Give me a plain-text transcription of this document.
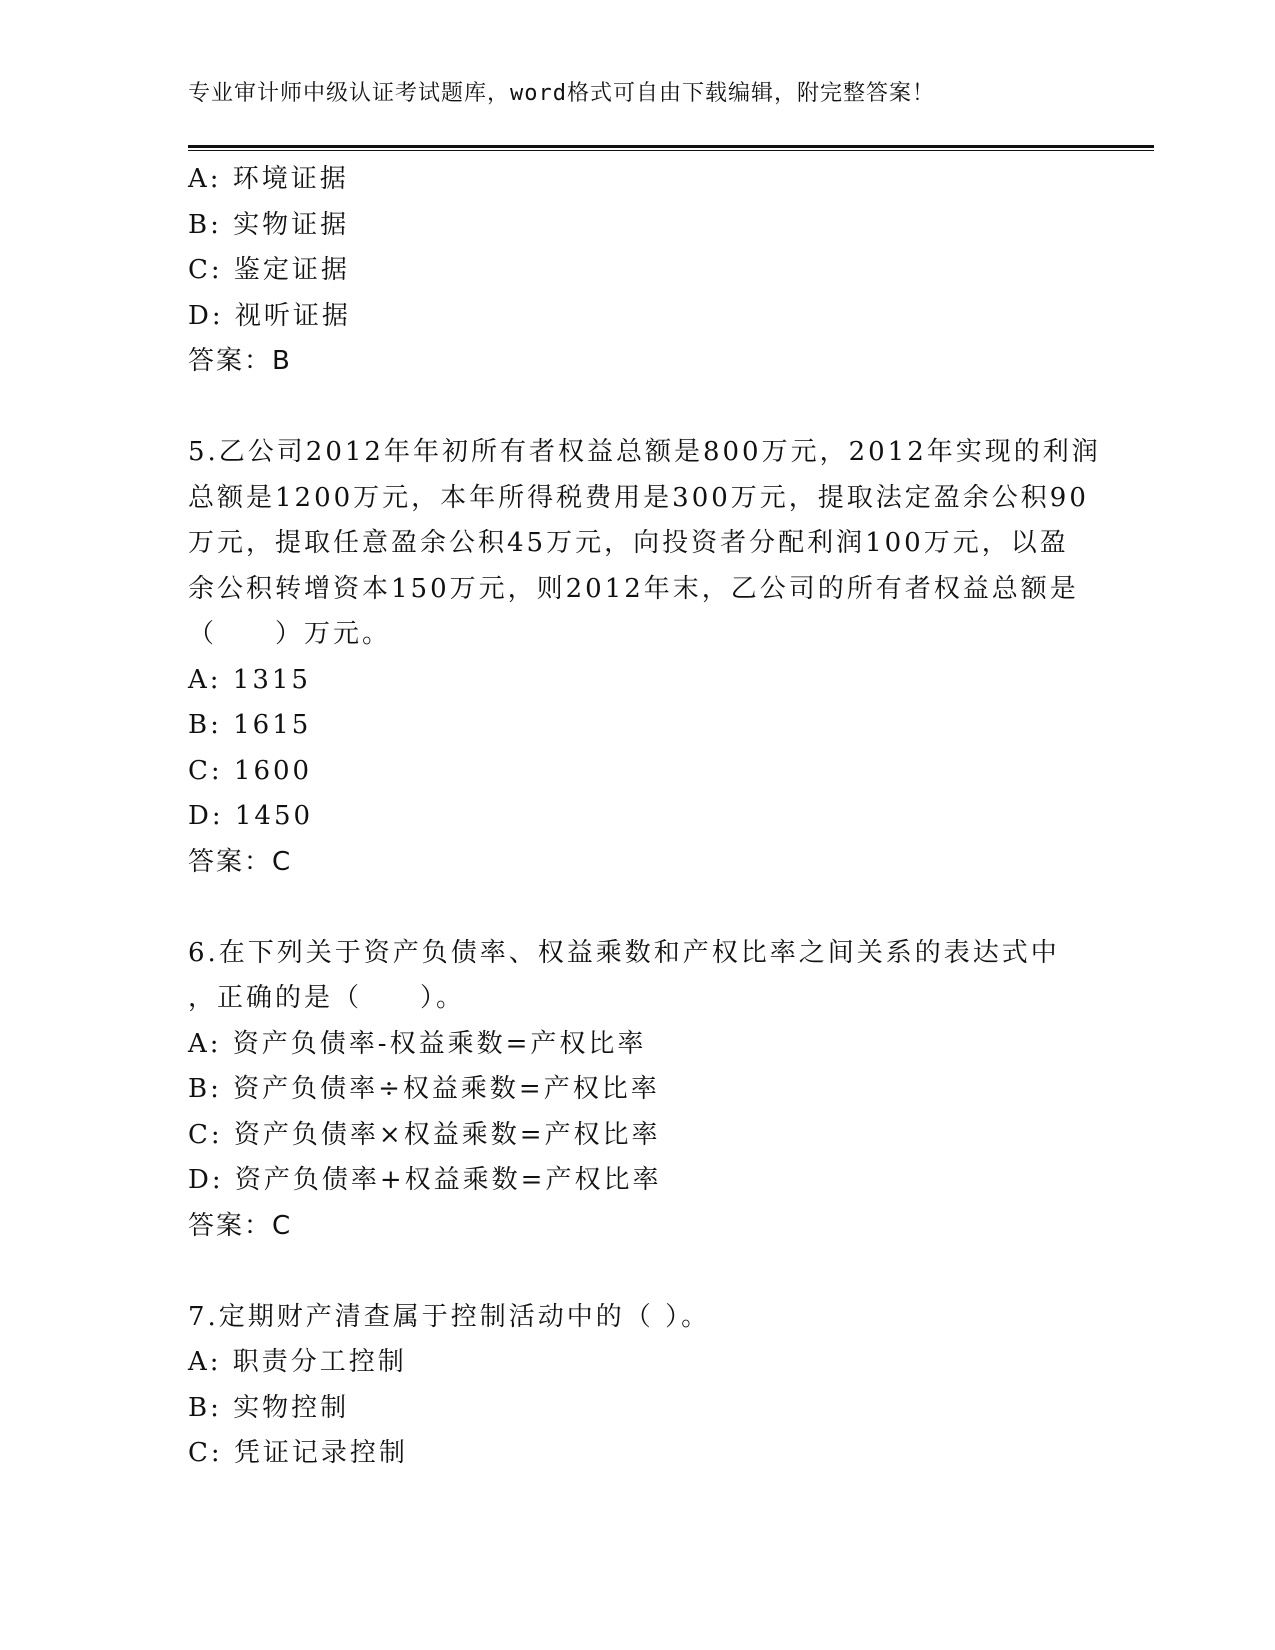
专业审计师中级认证考试题库，word格式可自由下载编辑，附完整答案！
A: 环境证据
B: 实物证据
C: 鉴定证据
D: 视听证据
答案：B
5.乙公司2012年年初所有者权益总额是800万元，2012年实现的利润
总额是1200万元，本年所得税费用是300万元，提取法定盈余公积90
万元，提取任意盈余公积45万元，向投资者分配利润100万元，以盈
余公积转增资本150万元，则2012年末，乙公司的所有者权益总额是
（　　）万元。
A: 1315
B: 1615
C: 1600
D: 1450
答案：C
6.在下列关于资产负债率、权益乘数和产权比率之间关系的表达式中
，正确的是（　　）。
A: 资产负债率-权益乘数=产权比率
B: 资产负债率÷权益乘数=产权比率
C: 资产负债率×权益乘数=产权比率
D: 资产负债率+权益乘数=产权比率
答案：C
7.定期财产清查属于控制活动中的（ ）。
A: 职责分工控制
B: 实物控制
C: 凭证记录控制
